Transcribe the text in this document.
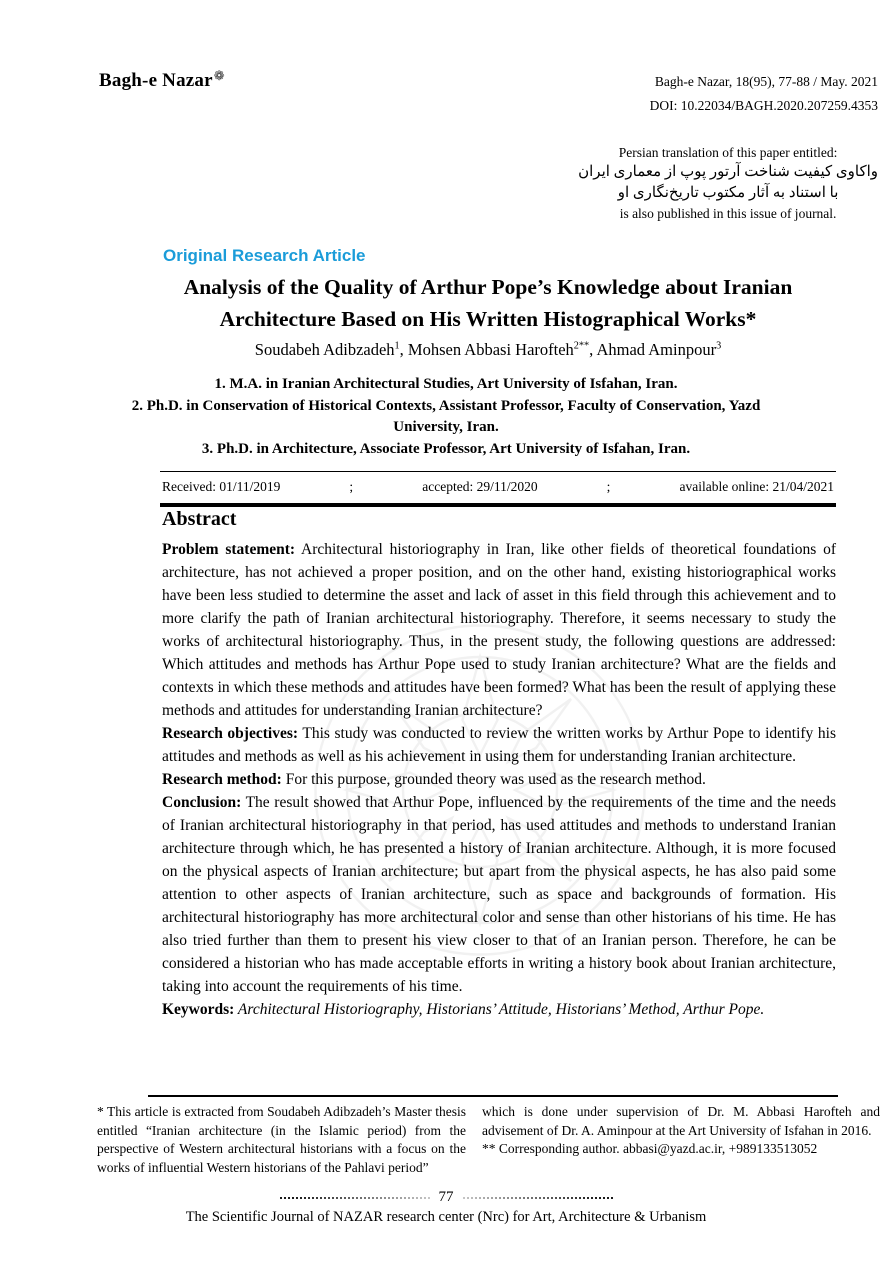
Bagh-e Nazar❁	Bagh-e Nazar, 18(95), 77-88 / May. 2021
DOI: 10.22034/BAGH.2020.207259.4353
Persian translation of this paper entitled:
واکاوی کیفیت شناخت آرتور پوپ از معماری ایران
با استناد به آثار مکتوب تاریخ‌نگاری او
is also published in this issue of journal.
Original Research Article
Analysis of the Quality of Arthur Pope’s Knowledge about Iranian Architecture Based on His Written Histographical Works*
Soudabeh Adibzadeh$^1$, Mohsen Abbasi Harofteh$^{2**}$, Ahmad Aminpour$^3$
1. M.A. in Iranian Architectural Studies, Art University of Isfahan, Iran.
2. Ph.D. in Conservation of Historical Contexts, Assistant Professor, Faculty of Conservation, Yazd University, Iran.
3. Ph.D. in Architecture, Associate Professor, Art University of Isfahan, Iran.
Received: 01/11/2019	;	accepted: 29/11/2020	;	available online: 21/04/2021
Abstract

Problem statement: Architectural historiography in Iran, like other fields of theoretical foundations of architecture, has not achieved a proper position, and on the other hand, existing historiographical works have been less studied to determine the asset and lack of asset in this field through this achievement and to more clarify the path of Iranian architectural historiography. Therefore, it seems necessary to study the works of architectural historiography. Thus, in the present study, the following questions are addressed: Which attitudes and methods has Arthur Pope used to study Iranian architecture? What are the fields and contexts in which these methods and attitudes have been formed? What has been the result of applying these methods and attitudes for understanding Iranian architecture?

Research objectives: This study was conducted to review the written works by Arthur Pope to identify his attitudes and methods as well as his achievement in using them for understanding Iranian architecture.

Research method: For this purpose, grounded theory was used as the research method.

Conclusion: The result showed that Arthur Pope, influenced by the requirements of the time and the needs of Iranian architectural historiography in that period, has used attitudes and methods to understand Iranian architecture through which, he has presented a history of Iranian architecture. Although, it is more focused on the physical aspects of Iranian architecture; but apart from the physical aspects, he has also paid some attention to other aspects of Iranian architecture, such as space and backgrounds of formation. His architectural historiography has more architectural color and sense than other historians of his time. He has also tried further than them to present his view closer to that of an Iranian person. Therefore, he can be considered a historian who has made acceptable efforts in writing a history book about Iranian architecture, taking into account the requirements of his time.

Keywords: Architectural Historiography, Historians’ Attitude, Historians’ Method, Arthur Pope.

* This article is extracted from Soudabeh Adibzadeh’s Master thesis entitled “Iranian architecture (in the Islamic period) from the perspective of Western architectural historians with a focus on the works of influential Western historians of the Pahlavi period”
which is done under supervision of Dr. M. Abbasi Harofteh and advisement of Dr. A. Aminpour at the Art University of Isfahan in 2016.
** Corresponding author. abbasi@yazd.ac.ir, +989133513052
77
The Scientific Journal of NAZAR research center (Nrc) for Art, Architecture & Urbanism
